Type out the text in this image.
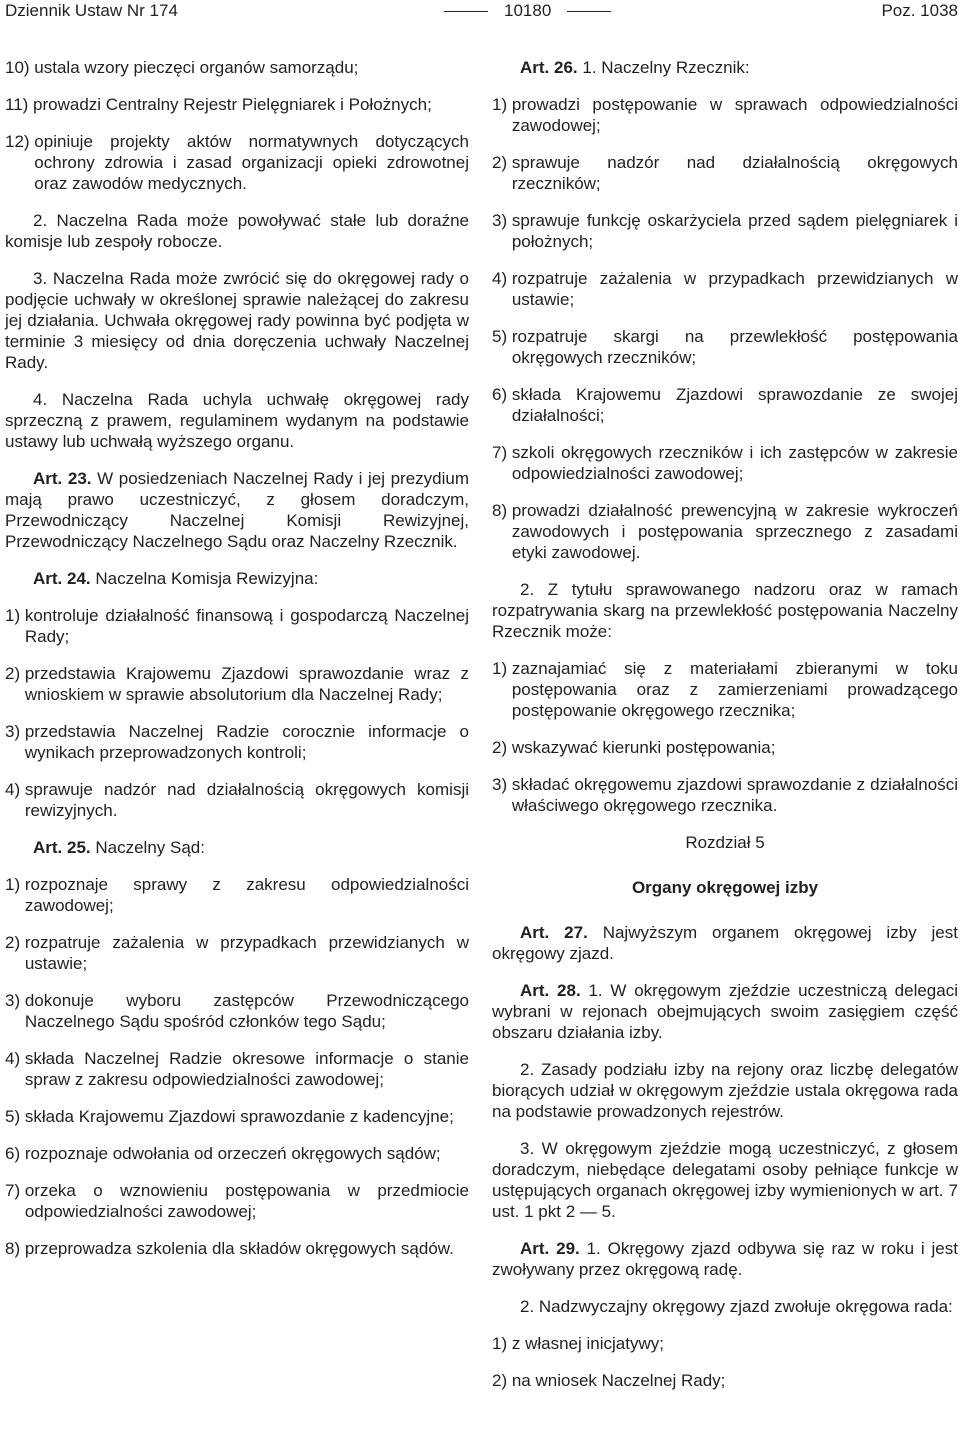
Dziennik Ustaw Nr 174	10180	Poz. 1038
10) ustala wzory pieczęci organów samorządu;
11) prowadzi Centralny Rejestr Pielęgniarek i Położnych;
12) opiniuje projekty aktów normatywnych dotyczących ochrony zdrowia i zasad organizacji opieki zdrowotnej oraz zawodów medycznych.

2. Naczelna Rada może powoływać stałe lub doraźne komisje lub zespoły robocze.

3. Naczelna Rada może zwrócić się do okręgowej rady o podjęcie uchwały w określonej sprawie należącej do zakresu jej działania. Uchwała okręgowej rady powinna być podjęta w terminie 3 miesięcy od dnia doręczenia uchwały Naczelnej Rady.

4. Naczelna Rada uchyla uchwałę okręgowej rady sprzeczną z prawem, regulaminem wydanym na podstawie ustawy lub uchwałą wyższego organu.

Art. 23. W posiedzeniach Naczelnej Rady i jej prezydium mają prawo uczestniczyć, z głosem doradczym, Przewodniczący Naczelnej Komisji Rewizyjnej, Przewodniczący Naczelnego Sądu oraz Naczelny Rzecznik.

Art. 24. Naczelna Komisja Rewizyjna:

1) kontroluje działalność finansową i gospodarczą Naczelnej Rady;
2) przedstawia Krajowemu Zjazdowi sprawozdanie wraz z wnioskiem w sprawie absolutorium dla Naczelnej Rady;
3) przedstawia Naczelnej Radzie corocznie informacje o wynikach przeprowadzonych kontroli;
4) sprawuje nadzór nad działalnością okręgowych komisji rewizyjnych.

Art. 25. Naczelny Sąd:

1) rozpoznaje sprawy z zakresu odpowiedzialności zawodowej;
2) rozpatruje zażalenia w przypadkach przewidzianych w ustawie;
3) dokonuje wyboru zastępców Przewodniczącego Naczelnego Sądu spośród członków tego Sądu;
4) składa Naczelnej Radzie okresowe informacje o stanie spraw z zakresu odpowiedzialności zawodowej;
5) składa Krajowemu Zjazdowi sprawozdanie z kadencyjne;
6) rozpoznaje odwołania od orzeczeń okręgowych sądów;
7) orzeka o wznowieniu postępowania w przedmiocie odpowiedzialności zawodowej;
8) przeprowadza szkolenia dla składów okręgowych sądów.

Art. 26. 1. Naczelny Rzecznik:

1) prowadzi postępowanie w sprawach odpowiedzialności zawodowej;
2) sprawuje nadzór nad działalnością okręgowych rzeczników;
3) sprawuje funkcję oskarżyciela przed sądem pielęgniarek i położnych;
4) rozpatruje zażalenia w przypadkach przewidzianych w ustawie;
5) rozpatruje skargi na przewlekłość postępowania okręgowych rzeczników;
6) składa Krajowemu Zjazdowi sprawozdanie ze swojej działalności;
7) szkoli okręgowych rzeczników i ich zastępców w zakresie odpowiedzialności zawodowej;
8) prowadzi działalność prewencyjną w zakresie wykroczeń zawodowych i postępowania sprzecznego z zasadami etyki zawodowej.

2. Z tytułu sprawowanego nadzoru oraz w ramach rozpatrywania skarg na przewlekłość postępowania Naczelny Rzecznik może:

1) zaznajamiać się z materiałami zbieranymi w toku postępowania oraz z zamierzeniami prowadzącego postępowanie okręgowego rzecznika;
2) wskazywać kierunki postępowania;
3) składać okręgowemu zjazdowi sprawozdanie z działalności właściwego okręgowego rzecznika.

Rozdział 5

Organy okręgowej izby

Art. 27. Najwyższym organem okręgowej izby jest okręgowy zjazd.

Art. 28. 1. W okręgowym zjeździe uczestniczą delegaci wybrani w rejonach obejmujących swoim zasięgiem część obszaru działania izby.

2. Zasady podziału izby na rejony oraz liczbę delegatów biorących udział w okręgowym zjeździe ustala okręgowa rada na podstawie prowadzonych rejestrów.

3. W okręgowym zjeździe mogą uczestniczyć, z głosem doradczym, niebędące delegatami osoby pełniące funkcje w ustępujących organach okręgowej izby wymienionych w art. 7 ust. 1 pkt 2 — 5.

Art. 29. 1. Okręgowy zjazd odbywa się raz w roku i jest zwoływany przez okręgową radę.

2. Nadzwyczajny okręgowy zjazd zwołuje okręgowa rada:

1) z własnej inicjatywy;
2) na wniosek Naczelnej Rady;
